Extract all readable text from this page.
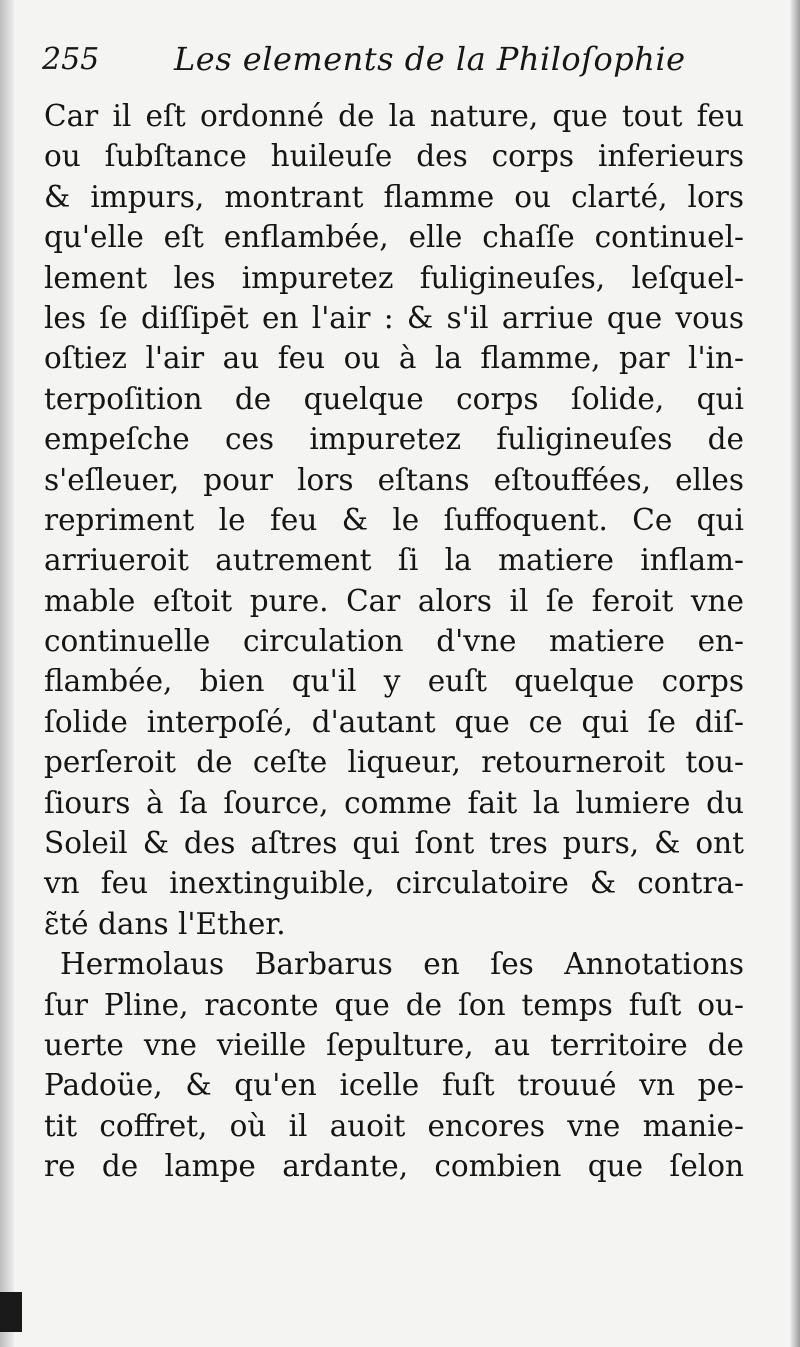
255 Les elements de la Philoſophie
Car il eſt ordonné de la nature, que tout feu
ou ſubſtance huileuſe des corps inferieurs
& impurs, montrant flamme ou clarté, lors
qu'elle eſt enflambée, elle chaſſe continuel-
lement les impuretez fuligineuſes, leſquel-
les ſe diſſipēt en l'air : & s'il arriue que vous
oſtiez l'air au feu ou à la flamme, par l'in-
terpoſition de quelque corps ſolide, qui
empeſche ces impuretez fuligineuſes de
s'eſleuer, pour lors eſtans eſtouffées, elles
repriment le feu & le ſuffoquent. Ce qui
arriueroit autrement ſi la matiere inflam-
mable eſtoit pure. Car alors il ſe feroit vne
continuelle circulation d'vne matiere en-
flambée, bien qu'il y euſt quelque corps
ſolide interpoſé, d'autant que ce qui ſe diſ-
perſeroit de ceſte liqueur, retourneroit tou-
ſiours à ſa ſource, comme fait la lumiere du
Soleil & des aſtres qui ſont tres purs, & ont
vn feu inextinguible, circulatoire & contra-
ɛ̃té dans l'Ether.
Hermolaus Barbarus en ſes Annotations
ſur Pline, raconte que de ſon temps fuſt ou-
uerte vne vieille ſepulture, au territoire de
Padoüe, & qu'en icelle fuſt trouué vn pe-
tit coffret, où il auoit encores vne manie-
re de lampe ardante, combien que ſelon
